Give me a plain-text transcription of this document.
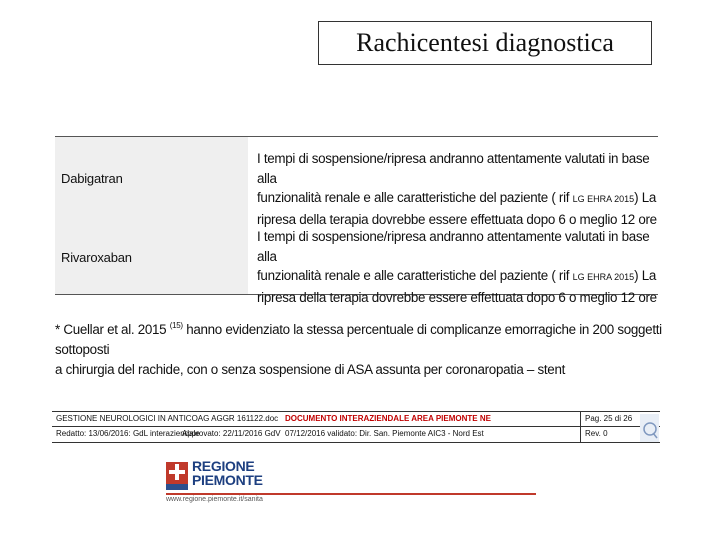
Rachicentesi diagnostica
Dabigatran
I tempi di sospensione/ripresa andranno attentamente valutati in base alla
funzionalità renale e alle caratteristiche del paziente ( rif LG EHRA 2015) La
ripresa della terapia dovrebbe essere effettuata dopo 6 o meglio 12 ore
Rivaroxaban
I tempi di sospensione/ripresa andranno attentamente valutati in base alla
funzionalità renale e alle caratteristiche del paziente ( rif LG EHRA 2015) La
ripresa della terapia dovrebbe essere effettuata dopo 6 o meglio 12 ore
* Cuellar et al. 2015 $^{(15)}$ hanno evidenziato la stessa percentuale di complicanze emorragiche in 200 soggetti sottoposti
a chirurgia del rachide, con o senza sospensione di ASA assunta per coronaropatia – stent
GESTIONE NEUROLOGICI IN ANTICOAG AGGR 161122.doc DOCUMENTO INTERAZIENDALE AREA PIEMONTE NE	Pag. 25 di 26
Redatto: 13/06/2016: GdL interaziendale
Approvato: 22/11/2016 GdV 07/12/2016 validato: Dir. San. Piemonte AIC3 - Nord Est	Rev. 0
REGIONE
PIEMONTE
www.regione.piemonte.it/sanita
